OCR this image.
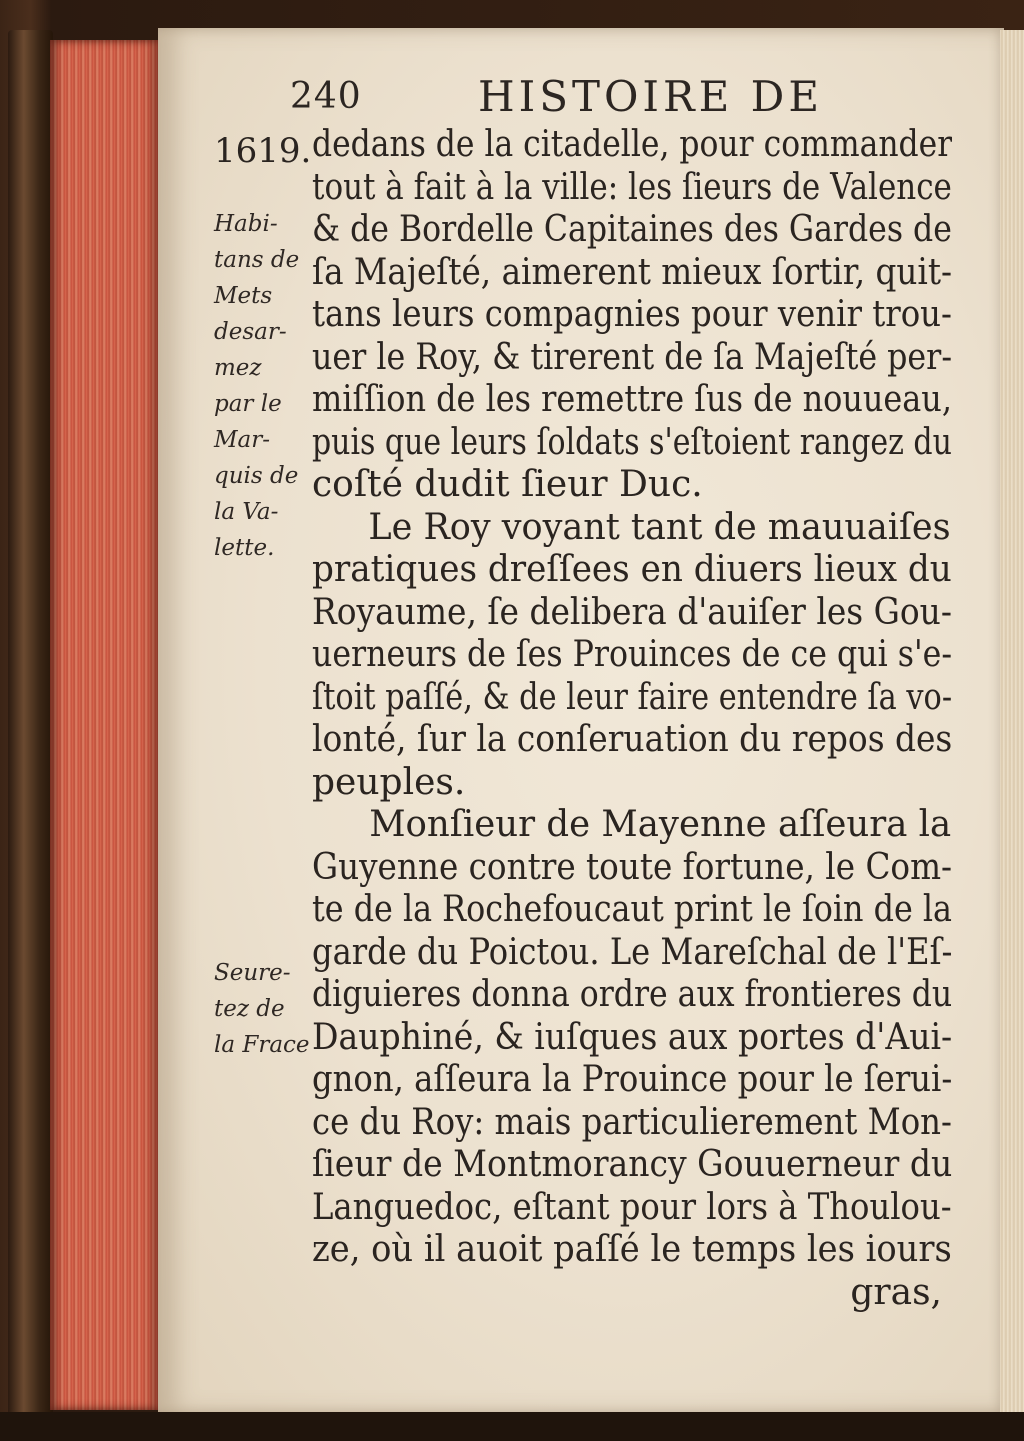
240	HISTOIRE DE
1619.
Habi-
tans de
Mets
desar-
mez
par le
Mar-
quis de
la Va-
lette.
Seure-
tez de
la Frace
dedans de la citadelle, pour commander
tout à fait à la ville: les ſieurs de Valence
& de Bordelle Capitaines des Gardes de
ſa Majeſté, aimerent mieux ſortir, quit-
tans leurs compagnies pour venir trou-
uer le Roy, & tirerent de ſa Majeſté per-
miſſion de les remettre ſus de nouueau,
puis que leurs ſoldats s'eſtoient rangez du
coſté dudit ſieur Duc.
Le Roy voyant tant de mauuaiſes
pratiques dreſſees en diuers lieux du
Royaume, ſe delibera d'auiſer les Gou-
uerneurs de ſes Prouinces de ce qui s'e-
ſtoit paſſé, & de leur faire entendre ſa vo-
lonté, ſur la conſeruation du repos des
peuples.
Monſieur de Mayenne aſſeura la
Guyenne contre toute fortune, le Com-
te de la Rochefoucaut print le ſoin de la
garde du Poictou. Le Mareſchal de l'Eſ-
diguieres donna ordre aux frontieres du
Dauphiné, & iuſques aux portes d'Aui-
gnon, aſſeura la Prouince pour le ſerui-
ce du Roy: mais particulierement Mon-
ſieur de Montmorancy Gouuerneur du
Languedoc, eſtant pour lors à Thoulou-
ze, où il auoit paſſé le temps les iours
gras,
